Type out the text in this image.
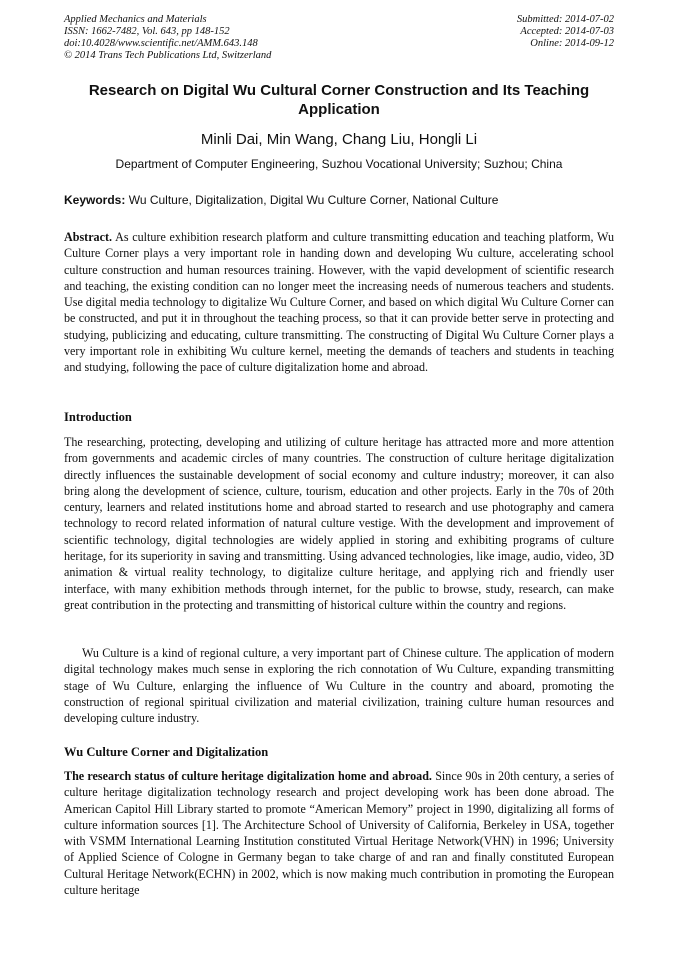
Applied Mechanics and Materials
ISSN: 1662-7482, Vol. 643, pp 148-152
doi:10.4028/www.scientific.net/AMM.643.148
© 2014 Trans Tech Publications Ltd, Switzerland
Submitted: 2014-07-02
Accepted: 2014-07-03
Online: 2014-09-12
Research on Digital Wu Cultural Corner Construction and Its Teaching Application
Minli Dai, Min Wang, Chang Liu, Hongli Li
Department of Computer Engineering, Suzhou Vocational University; Suzhou; China
Keywords: Wu Culture, Digitalization, Digital Wu Culture Corner, National Culture

Abstract. As culture exhibition research platform and culture transmitting education and teaching platform, Wu Culture Corner plays a very important role in handing down and developing Wu culture, accelerating school culture construction and human resources training. However, with the vapid development of scientific research and teaching, the existing condition can no longer meet the increasing needs of numerous teachers and students. Use digital media technology to digitalize Wu Culture Corner, and based on which digital Wu Culture Corner can be constructed, and put it in throughout the teaching process, so that it can provide better serve in protecting and studying, publicizing and educating, culture transmitting. The constructing of Digital Wu Culture Corner plays a very important role in exhibiting Wu culture kernel, meeting the demands of teachers and students in teaching and studying, following the pace of culture digitalization home and abroad.

Introduction

The researching, protecting, developing and utilizing of culture heritage has attracted more and more attention from governments and academic circles of many countries. The construction of culture heritage digitalization directly influences the sustainable development of social economy and culture industry; moreover, it can also bring along the development of science, culture, tourism, education and other projects. Early in the 70s of 20th century, learners and related institutions home and abroad started to research and use photography and camera technology to record related information of natural culture vestige. With the development and improvement of scientific technology, digital technologies are widely applied in storing and exhibiting programs of culture heritage, for its superiority in saving and transmitting. Using advanced technologies, like image, audio, video, 3D animation & virtual reality technology, to digitalize culture heritage, and applying rich and friendly user interface, with many exhibition methods through internet, for the public to browse, study, research, can make great contribution in the protecting and transmitting of historical culture within the country and regions.

Wu Culture is a kind of regional culture, a very important part of Chinese culture. The application of modern digital technology makes much sense in exploring the rich connotation of Wu Culture, expanding transmitting stage of Wu Culture, enlarging the influence of Wu Culture in the country and aboard, promoting the construction of regional spiritual civilization and material civilization, training culture human resources and developing culture industry.

Wu Culture Corner and Digitalization

The research status of culture heritage digitalization home and abroad. Since 90s in 20th century, a series of culture heritage digitalization technology research and project developing work has been done abroad. The American Capitol Hill Library started to promote “American Memory” project in 1990, digitalizing all forms of culture information sources [1]. The Architecture School of University of California, Berkeley in USA, together with VSMM International Learning Institution constituted Virtual Heritage Network(VHN) in 1996; University of Applied Science of Cologne in Germany began to take charge of and ran and finally constituted European Cultural Heritage Network(ECHN) in 2002, which is now making much contribution in promoting the European culture heritage
